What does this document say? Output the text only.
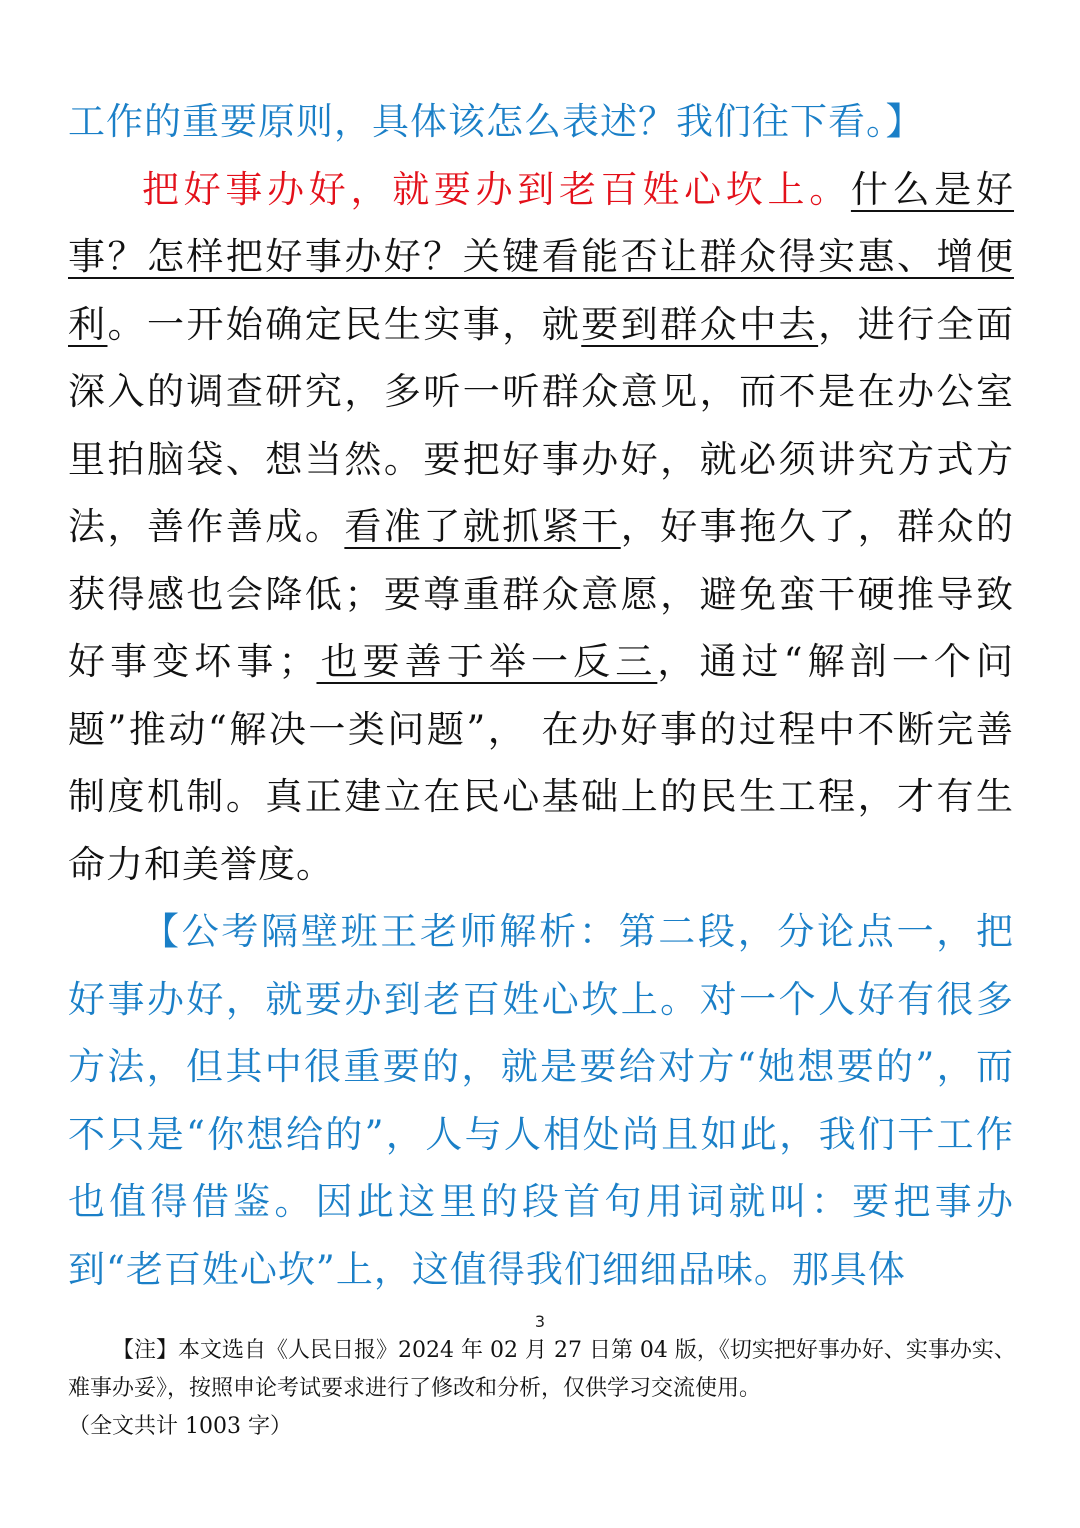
工作的重要原则，具体该怎么表述？我们往下看。】

把好事办好，就要办到老百姓心坎上。什么是好事？怎样把好事办好？关键看能否让群众得实惠、增便利。一开始确定民生实事，就要到群众中去，进行全面深入的调查研究，多听一听群众意见，而不是在办公室里拍脑袋、想当然。要把好事办好，就必须讲究方式方法，善作善成。看准了就抓紧干，好事拖久了，群众的获得感也会降低；要尊重群众意愿，避免蛮干硬推导致好事变坏事；也要善于举一反三，通过“解剖一个问题”推动“解决一类问题”， 在办好事的过程中不断完善制度机制。真正建立在民心基础上的民生工程，才有生命力和美誉度。

【公考隔壁班王老师解析：第二段，分论点一，把好事办好，就要办到老百姓心坎上。对一个人好有很多方法，但其中很重要的，就是要给对方“她想要的”，而不只是“你想给的”，人与人相处尚且如此，我们干工作也值得借鉴。因此这里的段首句用词就叫：要把事办到“老百姓心坎”上，这值得我们细细品味。那具体

3
【注】本文选自《人民日报》2024 年 02 月 27 日第 04 版，《切实把好事办好、实事办实、难事办妥》，按照申论考试要求进行了修改和分析，仅供学习交流使用。
（全文共计 1003 字）
